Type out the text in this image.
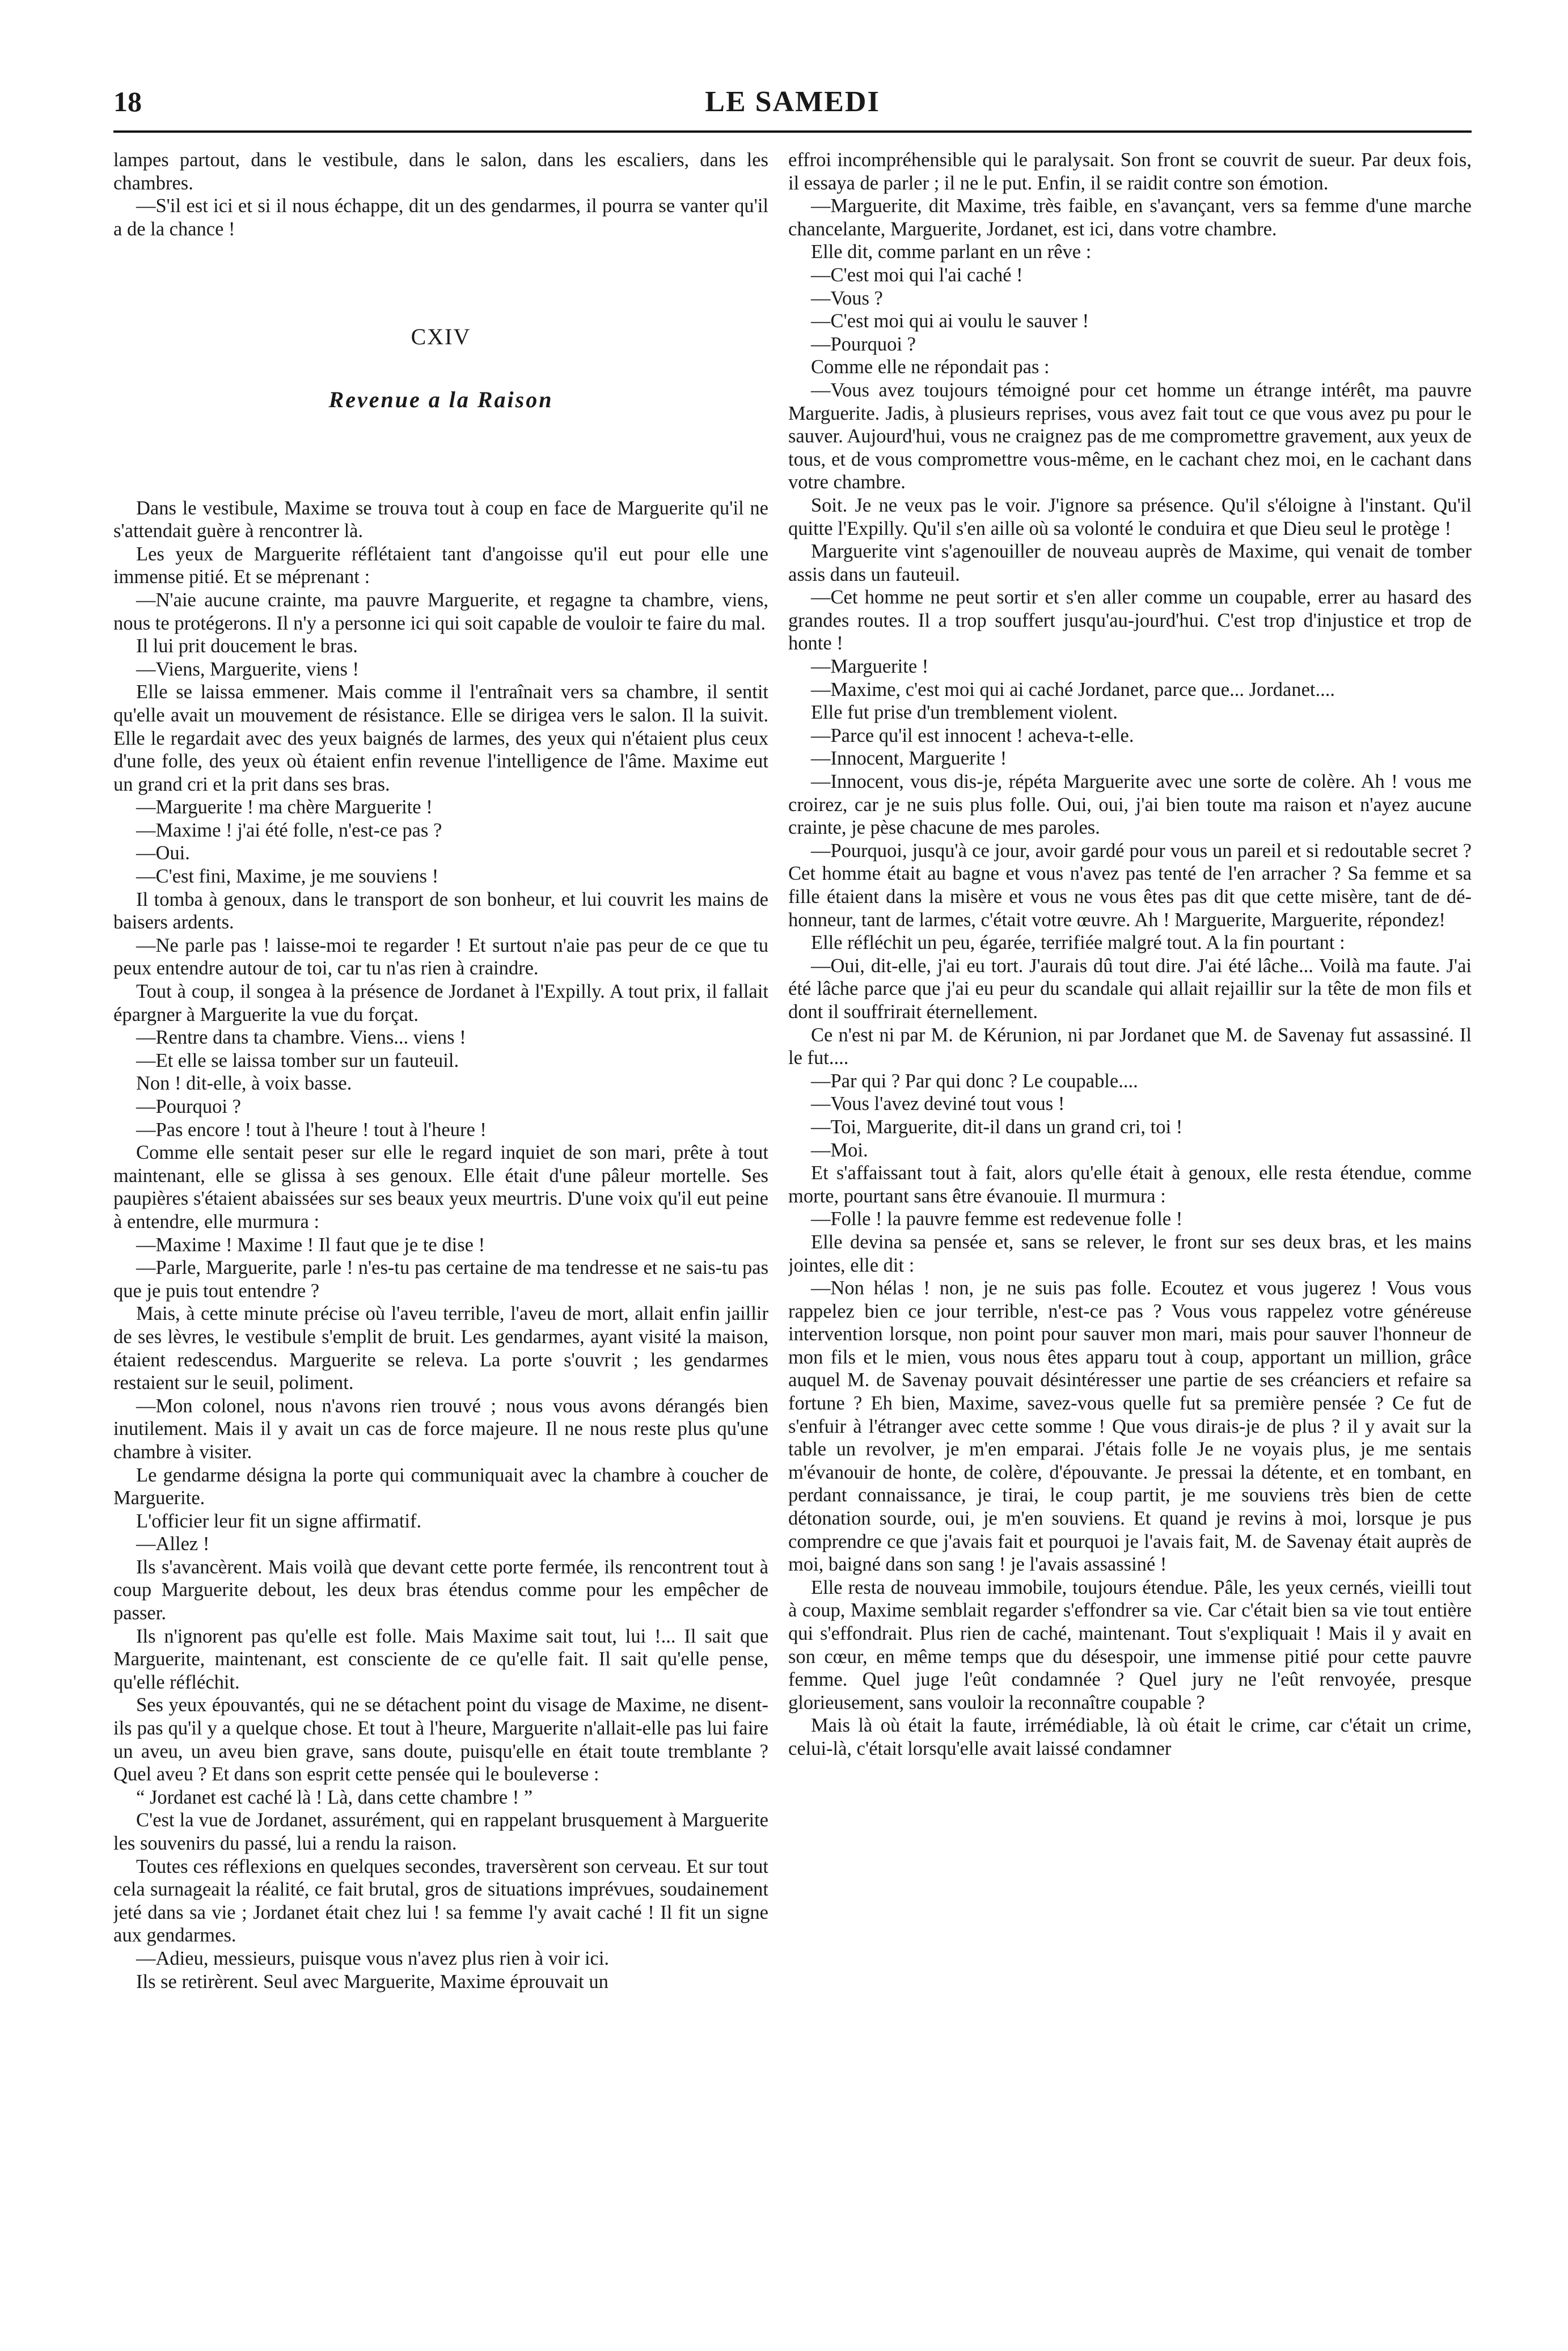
18	LE SAMEDI

lampes partout, dans le vestibule, dans le salon, dans les escaliers, dans les chambres.

—S'il est ici et si il nous échappe, dit un des gendarmes, il pourra se vanter qu'il a de la chance !

CXIV
Revenue a la Raison

Dans le vestibule, Maxime se trouva tout à coup en face de Marguerite qu'il ne s'attendait guère à rencontrer là.

Les yeux de Marguerite réflétaient tant d'angoisse qu'il eut pour elle une immense pitié. Et se méprenant :

—N'aie aucune crainte, ma pauvre Marguerite, et regagne ta chambre, viens, nous te protégerons. Il n'y a personne ici qui soit capable de vouloir te faire du mal.

Il lui prit doucement le bras.

—Viens, Marguerite, viens !

Elle se laissa emmener. Mais comme il l'entraînait vers sa chambre, il sentit qu'elle avait un mouvement de résistance. Elle se dirigea vers le salon. Il la suivit. Elle le regardait avec des yeux baignés de larmes, des yeux qui n'étaient plus ceux d'une folle, des yeux où étaient enfin revenue l'intelligence de l'âme. Maxime eut un grand cri et la prit dans ses bras.

—Marguerite ! ma chère Marguerite !

—Maxime ! j'ai été folle, n'est-ce pas ?

—Oui.

—C'est fini, Maxime, je me souviens !

Il tomba à genoux, dans le transport de son bonheur, et lui couvrit les mains de baisers ardents.

—Ne parle pas ! laisse-moi te regarder ! Et surtout n'aie pas peur de ce que tu peux entendre autour de toi, car tu n'as rien à craindre.

Tout à coup, il songea à la présence de Jordanet à l'Expilly. A tout prix, il fallait épargner à Marguerite la vue du forçat.

—Rentre dans ta chambre. Viens... viens !

—Et elle se laissa tomber sur un fauteuil.

Non ! dit-elle, à voix basse.

—Pourquoi ?

—Pas encore ! tout à l'heure ! tout à l'heure !

Comme elle sentait peser sur elle le regard inquiet de son mari, prête à tout maintenant, elle se glissa à ses genoux. Elle était d'une pâleur mortelle. Ses paupières s'étaient abaissées sur ses beaux yeux meurtris. D'une voix qu'il eut peine à entendre, elle murmura :

—Maxime ! Maxime ! Il faut que je te dise !

—Parle, Marguerite, parle ! n'es-tu pas certaine de ma tendresse et ne sais-tu pas que je puis tout entendre ?

Mais, à cette minute précise où l'aveu terrible, l'aveu de mort, allait enfin jaillir de ses lèvres, le vestibule s'emplit de bruit. Les gendarmes, ayant visité la maison, étaient redescendus. Marguerite se releva. La porte s'ouvrit ; les gendarmes restaient sur le seuil, poliment.

—Mon colonel, nous n'avons rien trouvé ; nous vous avons dérangés bien inutilement. Mais il y avait un cas de force majeure. Il ne nous reste plus qu'une chambre à visiter.

Le gendarme désigna la porte qui communiquait avec la chambre à coucher de Marguerite.

L'officier leur fit un signe affirmatif.

—Allez !

Ils s'avancèrent. Mais voilà que devant cette porte fermée, ils rencontrent tout à coup Marguerite debout, les deux bras étendus comme pour les empêcher de passer.

Ils n'ignorent pas qu'elle est folle. Mais Maxime sait tout, lui !... Il sait que Marguerite, maintenant, est consciente de ce qu'elle fait. Il sait qu'elle pense, qu'elle réfléchit.

Ses yeux épouvantés, qui ne se détachent point du visage de Maxime, ne disent-ils pas qu'il y a quelque chose. Et tout à l'heure, Marguerite n'allait-elle pas lui faire un aveu, un aveu bien grave, sans doute, puisqu'elle en était toute tremblante ? Quel aveu ? Et dans son esprit cette pensée qui le bouleverse :

“ Jordanet est caché là ! Là, dans cette chambre ! ”

C'est la vue de Jordanet, assurément, qui en rappelant brusquement à Marguerite les souvenirs du passé, lui a rendu la raison.

Toutes ces réflexions en quelques secondes, traversèrent son cerveau. Et sur tout cela surnageait la réalité, ce fait brutal, gros de situations imprévues, soudainement jeté dans sa vie ; Jordanet était chez lui ! sa femme l'y avait caché ! Il fit un signe aux gendarmes.

—Adieu, messieurs, puisque vous n'avez plus rien à voir ici.

Ils se retirèrent. Seul avec Marguerite, Maxime éprouvait un

effroi incompréhensible qui le paralysait. Son front se couvrit de sueur. Par deux fois, il essaya de parler ; il ne le put. Enfin, il se raidit contre son émotion.

—Marguerite, dit Maxime, très faible, en s'avançant, vers sa femme d'une marche chancelante, Marguerite, Jordanet, est ici, dans votre chambre.

Elle dit, comme parlant en un rêve :

—C'est moi qui l'ai caché !

—Vous ?

—C'est moi qui ai voulu le sauver !

—Pourquoi ?

Comme elle ne répondait pas :

—Vous avez toujours témoigné pour cet homme un étrange intérêt, ma pauvre Marguerite. Jadis, à plusieurs reprises, vous avez fait tout ce que vous avez pu pour le sauver. Aujourd'hui, vous ne craignez pas de me compromettre gravement, aux yeux de tous, et de vous compromettre vous-même, en le cachant chez moi, en le cachant dans votre chambre.

Soit. Je ne veux pas le voir. J'ignore sa présence. Qu'il s'éloigne à l'instant. Qu'il quitte l'Expilly. Qu'il s'en aille où sa volonté le conduira et que Dieu seul le protège !

Marguerite vint s'agenouiller de nouveau auprès de Maxime, qui venait de tomber assis dans un fauteuil.

—Cet homme ne peut sortir et s'en aller comme un coupable, errer au hasard des grandes routes. Il a trop souffert jusqu'au-jourd'hui. C'est trop d'injustice et trop de honte !

—Marguerite !

—Maxime, c'est moi qui ai caché Jordanet, parce que... Jordanet....

Elle fut prise d'un tremblement violent.

—Parce qu'il est innocent ! acheva-t-elle.

—Innocent, Marguerite !

—Innocent, vous dis-je, répéta Marguerite avec une sorte de colère. Ah ! vous me croirez, car je ne suis plus folle. Oui, oui, j'ai bien toute ma raison et n'ayez aucune crainte, je pèse chacune de mes paroles.

—Pourquoi, jusqu'à ce jour, avoir gardé pour vous un pareil et si redoutable secret ? Cet homme était au bagne et vous n'avez pas tenté de l'en arracher ? Sa femme et sa fille étaient dans la misère et vous ne vous êtes pas dit que cette misère, tant de dé-honneur, tant de larmes, c'était votre œuvre. Ah ! Marguerite, Marguerite, répondez!

Elle réfléchit un peu, égarée, terrifiée malgré tout. A la fin pourtant :

—Oui, dit-elle, j'ai eu tort. J'aurais dû tout dire. J'ai été lâche... Voilà ma faute. J'ai été lâche parce que j'ai eu peur du scandale qui allait rejaillir sur la tête de mon fils et dont il souffrirait éternellement.

Ce n'est ni par M. de Kérunion, ni par Jordanet que M. de Savenay fut assassiné. Il le fut....

—Par qui ? Par qui donc ? Le coupable....

—Vous l'avez deviné tout vous !

—Toi, Marguerite, dit-il dans un grand cri, toi !

—Moi.

Et s'affaissant tout à fait, alors qu'elle était à genoux, elle resta étendue, comme morte, pourtant sans être évanouie. Il murmura :

—Folle ! la pauvre femme est redevenue folle !

Elle devina sa pensée et, sans se relever, le front sur ses deux bras, et les mains jointes, elle dit :

—Non hélas ! non, je ne suis pas folle. Ecoutez et vous jugerez ! Vous vous rappelez bien ce jour terrible, n'est-ce pas ? Vous vous rappelez votre généreuse intervention lorsque, non point pour sauver mon mari, mais pour sauver l'honneur de mon fils et le mien, vous nous êtes apparu tout à coup, apportant un million, grâce auquel M. de Savenay pouvait désintéresser une partie de ses créanciers et refaire sa fortune ? Eh bien, Maxime, savez-vous quelle fut sa première pensée ? Ce fut de s'enfuir à l'étranger avec cette somme ! Que vous dirais-je de plus ? il y avait sur la table un revolver, je m'en emparai. J'étais folle Je ne voyais plus, je me sentais m'évanouir de honte, de colère, d'épouvante. Je pressai la détente, et en tombant, en perdant connaissance, je tirai, le coup partit, je me souviens très bien de cette détonation sourde, oui, je m'en souviens. Et quand je revins à moi, lorsque je pus comprendre ce que j'avais fait et pourquoi je l'avais fait, M. de Savenay était auprès de moi, baigné dans son sang ! je l'avais assassiné !

Elle resta de nouveau immobile, toujours étendue. Pâle, les yeux cernés, vieilli tout à coup, Maxime semblait regarder s'effondrer sa vie. Car c'était bien sa vie tout entière qui s'effondrait. Plus rien de caché, maintenant. Tout s'expliquait ! Mais il y avait en son cœur, en même temps que du désespoir, une immense pitié pour cette pauvre femme. Quel juge l'eût condamnée ? Quel jury ne l'eût renvoyée, presque glorieusement, sans vouloir la reconnaître coupable ?

Mais là où était la faute, irrémédiable, là où était le crime, car c'était un crime, celui-là, c'était lorsqu'elle avait laissé condamner
